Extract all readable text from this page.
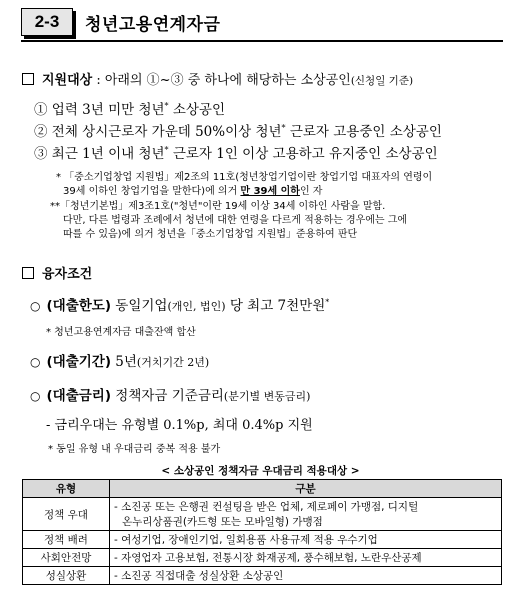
2-3	청년고용연계자금
지원대상 : 아래의 ①~③ 중 하나에 해당하는 소상공인(신청일 기준)
① 업력 3년 미만 청년* 소상공인
② 전체 상시근로자 가운데 50%이상 청년* 근로자 고용중인 소상공인
③ 최근 1년 이내 청년* 근로자 1인 이상 고용하고 유지중인 소상공인
* 「중소기업창업 지원법」제2조의 11호(청년창업기업이란 창업기업 대표자의 연령이
39세 이하인 창업기업을 말한다)에 의거 만 39세 이하인 자
**「청년기본법」제3조1호("청년"이란 19세 이상 34세 이하인 사람을 말함.
다만, 다른 법령과 조례에서 청년에 대한 연령을 다르게 적용하는 경우에는 그에
따를 수 있음)에 의거 청년을「중소기업창업 지원법」준용하여 판단
융자조건
○ (대출한도) 동일기업(개인, 법인) 당 최고 7천만원*
* 청년고용연계자금 대출잔액 합산
○ (대출기간) 5년(거치기간 2년)
○ (대출금리) 정책자금 기준금리(분기별 변동금리)
- 금리우대는 유형별 0.1%p, 최대 0.4%p 지원
* 동일 유형 내 우대금리 중복 적용 불가
< 소상공인 정책자금 우대금리 적용대상 >
유형	구분
정책 우대	- 소진공 또는 은행권 컨설팅을 받은 업체, 제로페이 가맹점, 디지털
온누리상품권(카드형 또는 모바일형) 가맹점

정책 배려	- 여성기업, 장애인기업, 일회용품 사용규제 적용 우수기업
사회안전망	- 자영업자 고용보험, 전통시장 화재공제, 풍수해보험, 노란우산공제
성실상환	- 소진공 직접대출 성실상환 소상공인
